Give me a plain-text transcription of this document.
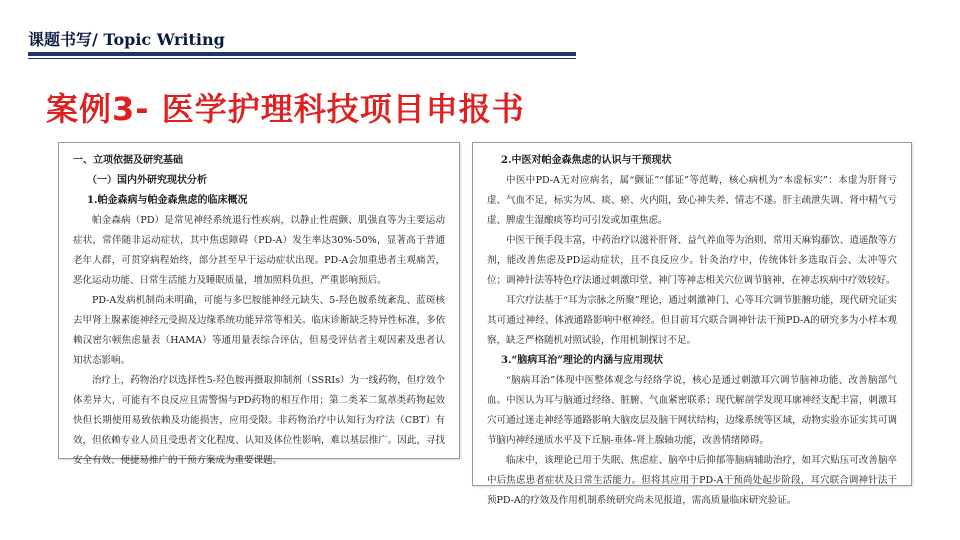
课题书写/ Topic Writing
案例3- 医学护理科技项目申报书
一、立项依据及研究基础
（一）国内外研究现状分析
1.帕金森病与帕金森焦虑的临床概况
帕金森病（PD）是常见神经系统退行性疾病，以静止性震颤、肌强直等为主要运动症状，常伴随非运动症状，其中焦虑障碍（PD-A）发生率达30%-50%，显著高于普通老年人群，可贯穿病程始终，部分甚至早于运动症状出现。PD-A会加重患者主观痛苦，恶化运动功能、日常生活能力及睡眠质量，增加照料负担，严重影响预后。
PD-A发病机制尚未明确，可能与多巴胺能神经元缺失、5-羟色胺系统紊乱、蓝斑核去甲肾上腺素能神经元受损及边缘系统功能异常等相关。临床诊断缺乏特异性标准，多依赖汉密尔顿焦虑量表（HAMA）等通用量表综合评估，但易受评估者主观因素及患者认知状态影响。
治疗上，药物治疗以选择性5-羟色胺再摄取抑制剂（SSRIs）为一线药物，但疗效个体差异大，可能有不良反应且需警惕与PD药物的相互作用；第二类苯二氮䓬类药物起效快但长期使用易致依赖及功能损害，应用受限。非药物治疗中认知行为疗法（CBT）有效，但依赖专业人员且受患者文化程度、认知及体位性影响，难以基层推广。因此，寻找安全有效、便捷易推广的干预方案成为重要课题。
2.中医对帕金森焦虑的认识与干预现状
中医中PD-A无对应病名，属“颤证”“郁证”等范畴，核心病机为“本虚标实”：本虚为肝肾亏虚、气血不足，标实为风、痰、瘀、火内阻，致心神失养、情志不遂。肝主疏泄失调、肾中精气亏虚、脾虚生湿酿痰等均可引发或加重焦虑。
中医干预手段丰富，中药治疗以滋补肝肾、益气养血等为治则，常用天麻钩藤饮、逍遥散等方剂，能改善焦虑及PD运动症状，且不良反应少。针灸治疗中，传统体针多选取百会、太冲等穴位；调神针法等特色疗法通过刺激印堂、神门等神志相关穴位调节脑神，在神志疾病中疗效较好。
耳穴疗法基于“耳为宗脉之所聚”理论，通过刺激神门、心等耳穴调节脏腑功能，现代研究证实其可通过神经、体液通路影响中枢神经。但目前耳穴联合调神针法干预PD-A的研究多为小样本观察，缺乏严格随机对照试验，作用机制探讨不足。
3.“脑病耳治”理论的内涵与应用现状
“脑病耳治”体现中医整体观念与经络学说，核心是通过刺激耳穴调节脑神功能、改善脑部气血。中医认为耳与脑通过经络、脏腑、气血紧密联系；现代解剖学发现耳廓神经支配丰富，刺激耳穴可通过迷走神经等通路影响大脑皮层及脑干网状结构，边缘系统等区域，动物实验亦证实其可调节脑内神经递质水平及下丘脑-垂体-肾上腺轴功能，改善情绪障碍。
临床中，该理论已用于失眠、焦虑症、脑卒中后抑郁等脑病辅助治疗，如耳穴贴压可改善脑卒中后焦虑患者症状及日常生活能力。但将其应用于PD-A干预尚处起步阶段，耳穴联合调神针法干预PD-A的疗效及作用机制系统研究尚未见报道，需高质量临床研究验证。
